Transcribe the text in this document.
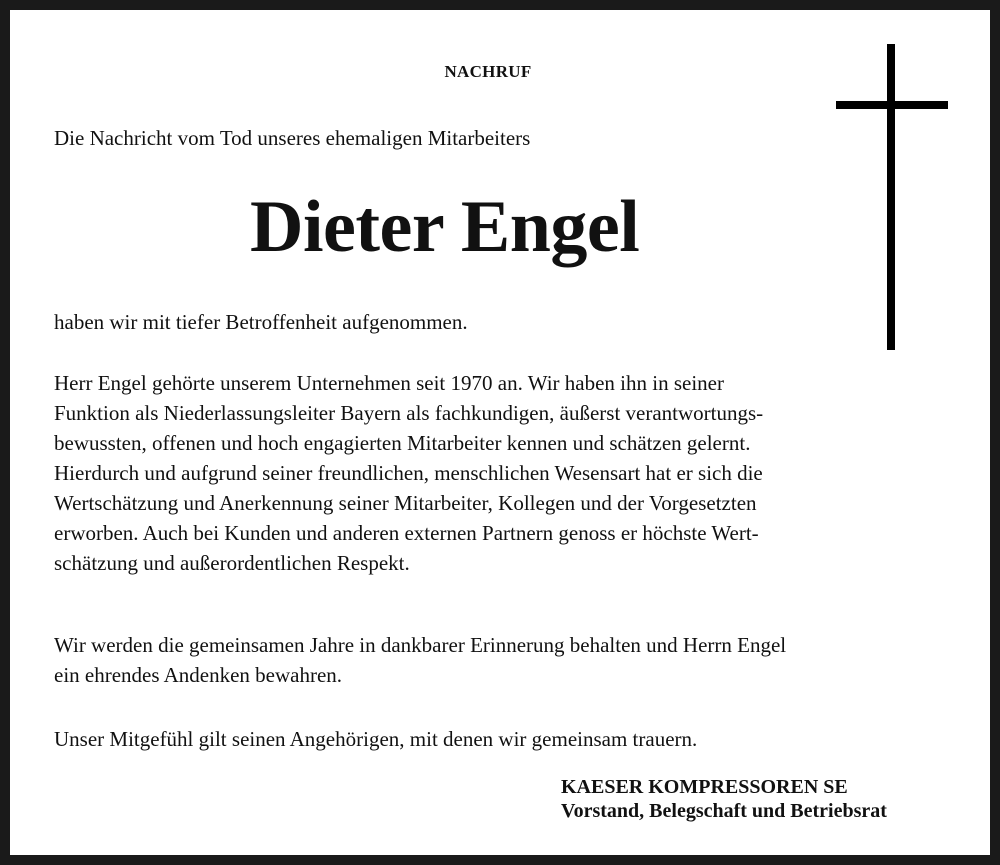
NACHRUF

Die Nachricht vom Tod unseres ehemaligen Mitarbeiters

Dieter Engel

haben wir mit tiefer Betroffenheit aufgenommen.

Herr Engel gehörte unserem Unternehmen seit 1970 an. Wir haben ihn in seiner
Funktion als Niederlassungsleiter Bayern als fachkundigen, äußerst verantwortungs-
bewussten, offenen und hoch engagierten Mitarbeiter kennen und schätzen gelernt.
Hierdurch und aufgrund seiner freundlichen, menschlichen Wesensart hat er sich die
Wertschätzung und Anerkennung seiner Mitarbeiter, Kollegen und der Vorgesetzten
erworben. Auch bei Kunden und anderen externen Partnern genoss er höchste Wert-
schätzung und außerordentlichen Respekt.

Wir werden die gemeinsamen Jahre in dankbarer Erinnerung behalten und Herrn Engel
ein ehrendes Andenken bewahren.

Unser Mitgefühl gilt seinen Angehörigen, mit denen wir gemeinsam trauern.

KAESER KOMPRESSOREN SE
Vorstand, Belegschaft und Betriebsrat
